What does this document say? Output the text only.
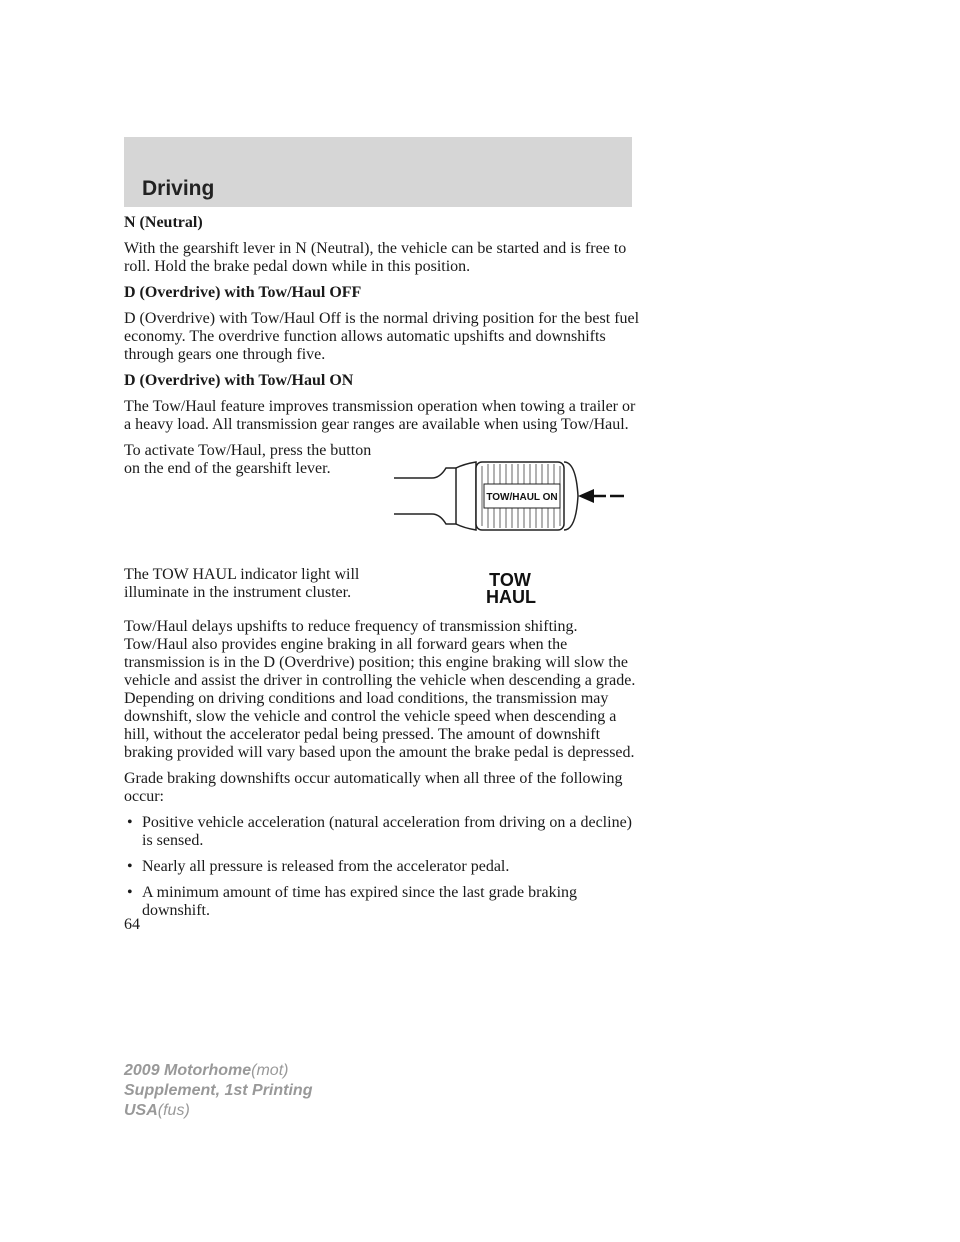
Driving
N (Neutral)

With the gearshift lever in N (Neutral), the vehicle can be started and is free to roll. Hold the brake pedal down while in this position.

D (Overdrive) with Tow/Haul OFF

D (Overdrive) with Tow/Haul Off is the normal driving position for the best fuel economy. The overdrive function allows automatic upshifts and downshifts through gears one through five.

D (Overdrive) with Tow/Haul ON

The Tow/Haul feature improves transmission operation when towing a trailer or a heavy load. All transmission gear ranges are available when using Tow/Haul.

To activate Tow/Haul, press the button on the end of the gearshift lever.

TOW/HAUL ON

The TOW HAUL indicator light will illuminate in the instrument cluster.

TOW
HAUL

Tow/Haul delays upshifts to reduce frequency of transmission shifting. Tow/Haul also provides engine braking in all forward gears when the transmission is in the D (Overdrive) position; this engine braking will slow the vehicle and assist the driver in controlling the vehicle when descending a grade. Depending on driving conditions and load conditions, the transmission may downshift, slow the vehicle and control the vehicle speed when descending a hill, without the accelerator pedal being pressed. The amount of downshift braking provided will vary based upon the amount the brake pedal is depressed.

Grade braking downshifts occur automatically when all three of the following occur:

• Positive vehicle acceleration (natural acceleration from driving on a decline) is sensed.
• Nearly all pressure is released from the accelerator pedal.
• A minimum amount of time has expired since the last grade braking downshift.
64
2009 Motorhome(mot)
Supplement, 1st Printing
USA(fus)
